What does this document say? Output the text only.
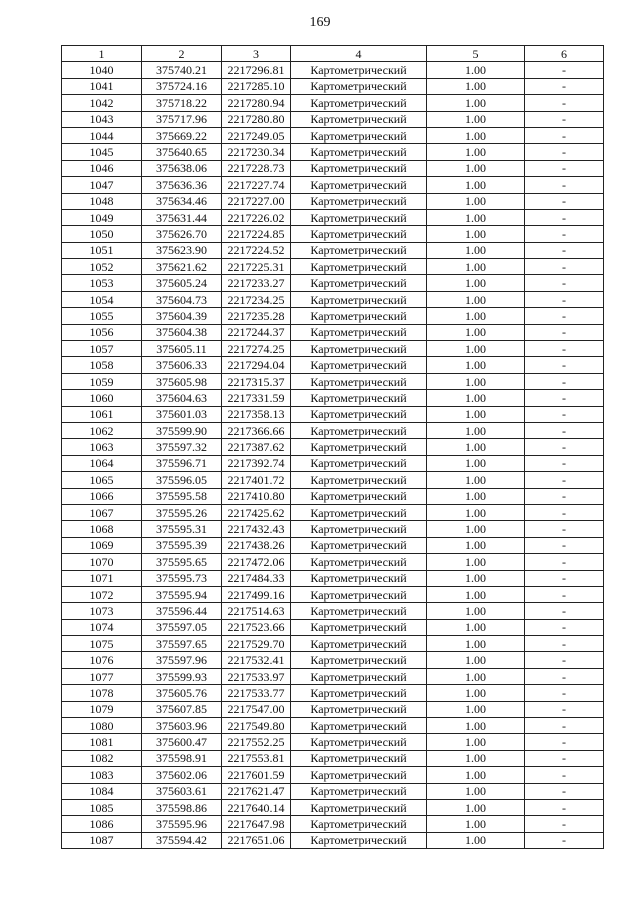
169
1	2	3	4	5	6
1040	375740.21	2217296.81	Картометрический	1.00	-
1041	375724.16	2217285.10	Картометрический	1.00	-
1042	375718.22	2217280.94	Картометрический	1.00	-
1043	375717.96	2217280.80	Картометрический	1.00	-
1044	375669.22	2217249.05	Картометрический	1.00	-
1045	375640.65	2217230.34	Картометрический	1.00	-
1046	375638.06	2217228.73	Картометрический	1.00	-
1047	375636.36	2217227.74	Картометрический	1.00	-
1048	375634.46	2217227.00	Картометрический	1.00	-
1049	375631.44	2217226.02	Картометрический	1.00	-
1050	375626.70	2217224.85	Картометрический	1.00	-
1051	375623.90	2217224.52	Картометрический	1.00	-
1052	375621.62	2217225.31	Картометрический	1.00	-
1053	375605.24	2217233.27	Картометрический	1.00	-
1054	375604.73	2217234.25	Картометрический	1.00	-
1055	375604.39	2217235.28	Картометрический	1.00	-
1056	375604.38	2217244.37	Картометрический	1.00	-
1057	375605.11	2217274.25	Картометрический	1.00	-
1058	375606.33	2217294.04	Картометрический	1.00	-
1059	375605.98	2217315.37	Картометрический	1.00	-
1060	375604.63	2217331.59	Картометрический	1.00	-
1061	375601.03	2217358.13	Картометрический	1.00	-
1062	375599.90	2217366.66	Картометрический	1.00	-
1063	375597.32	2217387.62	Картометрический	1.00	-
1064	375596.71	2217392.74	Картометрический	1.00	-
1065	375596.05	2217401.72	Картометрический	1.00	-
1066	375595.58	2217410.80	Картометрический	1.00	-
1067	375595.26	2217425.62	Картометрический	1.00	-
1068	375595.31	2217432.43	Картометрический	1.00	-
1069	375595.39	2217438.26	Картометрический	1.00	-
1070	375595.65	2217472.06	Картометрический	1.00	-
1071	375595.73	2217484.33	Картометрический	1.00	-
1072	375595.94	2217499.16	Картометрический	1.00	-
1073	375596.44	2217514.63	Картометрический	1.00	-
1074	375597.05	2217523.66	Картометрический	1.00	-
1075	375597.65	2217529.70	Картометрический	1.00	-
1076	375597.96	2217532.41	Картометрический	1.00	-
1077	375599.93	2217533.97	Картометрический	1.00	-
1078	375605.76	2217533.77	Картометрический	1.00	-
1079	375607.85	2217547.00	Картометрический	1.00	-
1080	375603.96	2217549.80	Картометрический	1.00	-
1081	375600.47	2217552.25	Картометрический	1.00	-
1082	375598.91	2217553.81	Картометрический	1.00	-
1083	375602.06	2217601.59	Картометрический	1.00	-
1084	375603.61	2217621.47	Картометрический	1.00	-
1085	375598.86	2217640.14	Картометрический	1.00	-
1086	375595.96	2217647.98	Картометрический	1.00	-
1087	375594.42	2217651.06	Картометрический	1.00	-
